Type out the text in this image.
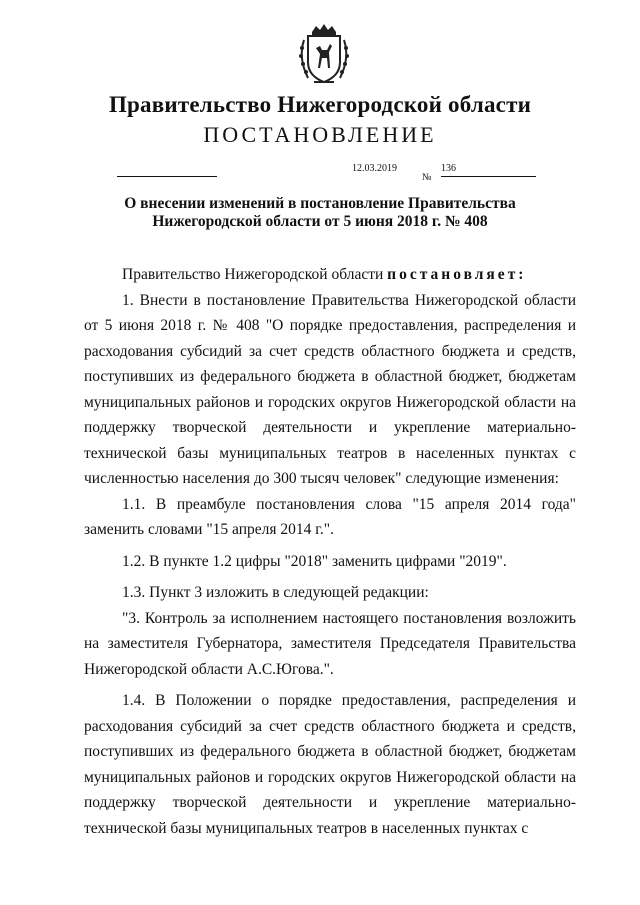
Правительство Нижегородской области
ПОСТАНОВЛЕНИЕ
12.03.2019
№
136
О внесении изменений в постановление Правительства
Нижегородской области от 5 июня 2018 г. № 408

Правительство Нижегородской области постановляет:

1. Внести в постановление Правительства Нижегородской области от 5 июня 2018 г. № 408 "О порядке предоставления, распределения и расходования субсидий за счет средств областного бюджета и средств, поступивших из федерального бюджета в областной бюджет, бюджетам муниципальных районов и городских округов Нижегородской области на поддержку творческой деятельности и укрепление материально-технической базы муниципальных театров в населенных пунктах с численностью населения до 300 тысяч человек" следующие изменения:

1.1. В преамбуле постановления слова "15 апреля 2014 года" заменить словами "15 апреля 2014 г.".

1.2. В пункте 1.2 цифры "2018" заменить цифрами "2019".

1.3. Пункт 3 изложить в следующей редакции:

"3. Контроль за исполнением настоящего постановления возложить на заместителя Губернатора, заместителя Председателя Правительства Нижегородской области А.С.Югова.".

1.4. В Положении о порядке предоставления, распределения и расходования субсидий за счет средств областного бюджета и средств, поступивших из федерального бюджета в областной бюджет, бюджетам муниципальных районов и городских округов Нижегородской области на поддержку творческой деятельности и укрепление материально-технической базы муниципальных театров в населенных пунктах с
